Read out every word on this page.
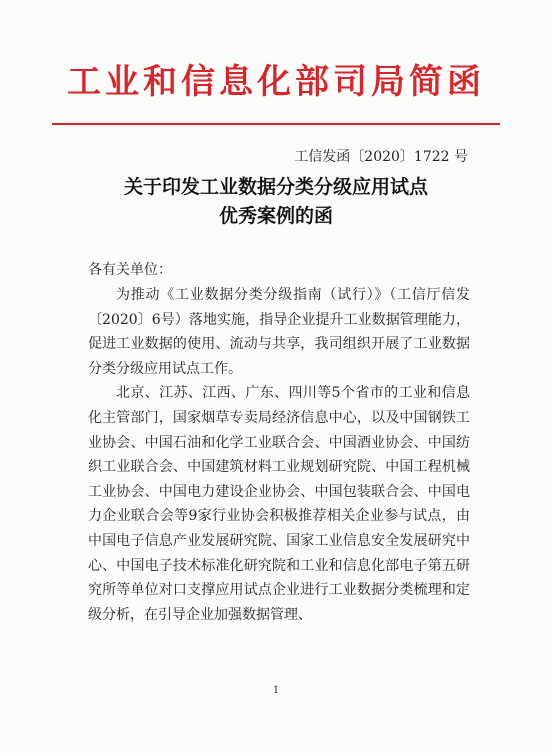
工业和信息化部司局简函
工信发函〔2020〕1722 号
关于印发工业数据分类分级应用试点
优秀案例的函
各有关单位：

为推动《工业数据分类分级指南（试行）》（工信厅信发〔2020〕6号）落地实施，指导企业提升工业数据管理能力，促进工业数据的使用、流动与共享，我司组织开展了工业数据分类分级应用试点工作。

北京、江苏、江西、广东、四川等5个省市的工业和信息化主管部门，国家烟草专卖局经济信息中心，以及中国钢铁工业协会、中国石油和化学工业联合会、中国酒业协会、中国纺织工业联合会、中国建筑材料工业规划研究院、中国工程机械工业协会、中国电力建设企业协会、中国包装联合会、中国电力企业联合会等9家行业协会积极推荐相关企业参与试点，由中国电子信息产业发展研究院、国家工业信息安全发展研究中心、中国电子技术标准化研究院和工业和信息化部电子第五研究所等单位对口支撑应用试点企业进行工业数据分类梳理和定级分析，在引导企业加强数据管理、

1
